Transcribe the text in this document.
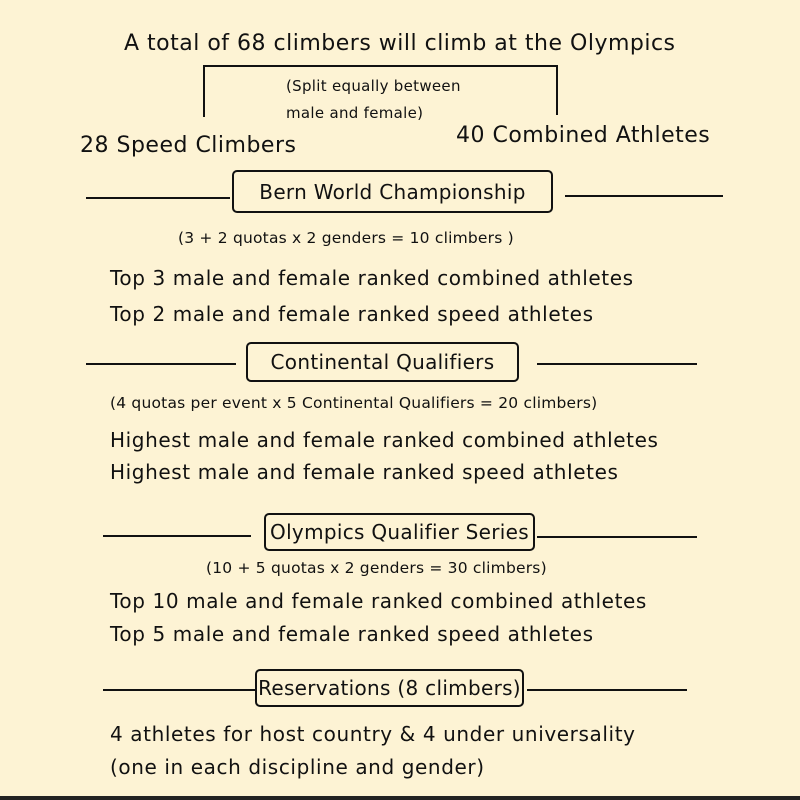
A total of 68 climbers will climb at the Olympics
(Split equally between
male and female)
28 Speed Climbers	40 Combined Athletes
Bern World Championship
(3 + 2 quotas x 2 genders = 10 climbers )
Top 3 male and female ranked combined athletes
Top 2 male and female ranked speed athletes
Continental Qualifiers
(4 quotas per event x 5 Continental Qualifiers = 20 climbers)
Highest male and female ranked combined athletes
Highest male and female ranked speed athletes
Olympics Qualifier Series
(10 + 5 quotas x 2 genders = 30 climbers)
Top 10 male and female ranked combined athletes
Top 5 male and female ranked speed athletes
Reservations (8 climbers)
4 athletes for host country & 4 under universality
(one in each discipline and gender)
